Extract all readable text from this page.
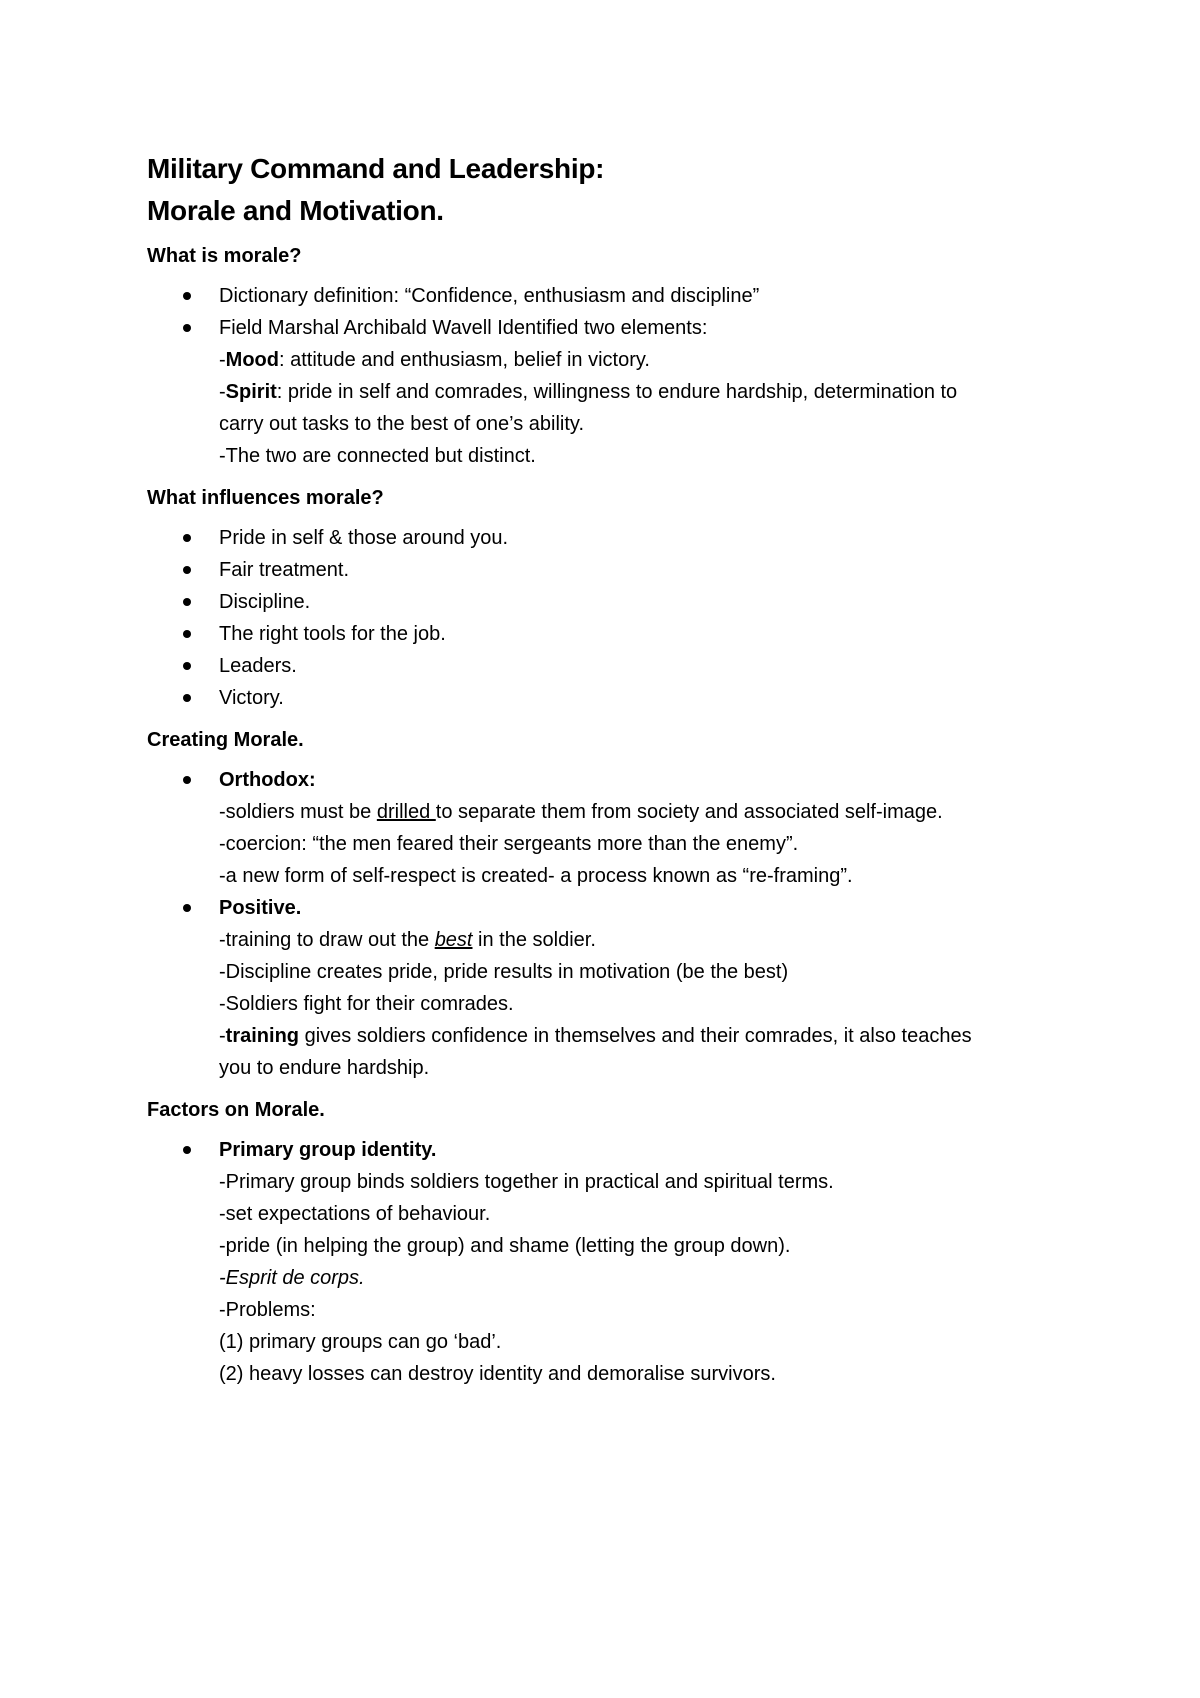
Military Command and Leadership:
Morale and Motivation.
What is morale?
Dictionary definition: “Confidence, enthusiasm and discipline”
Field Marshal Archibald Wavell Identified two elements:
-Mood: attitude and enthusiasm, belief in victory.
-Spirit: pride in self and comrades, willingness to endure hardship, determination to
carry out tasks to the best of one’s ability.
-The two are connected but distinct.
What influences morale?
Pride in self & those around you.
Fair treatment.
Discipline.
The right tools for the job.
Leaders.
Victory.
Creating Morale.
Orthodox:
-soldiers must be drilled to separate them from society and associated self-image.
-coercion: “the men feared their sergeants more than the enemy”.
-a new form of self-respect is created- a process known as “re-framing”.
Positive.
-training to draw out the best in the soldier.
-Discipline creates pride, pride results in motivation (be the best)
-Soldiers fight for their comrades.
-training gives soldiers confidence in themselves and their comrades, it also teaches
you to endure hardship.
Factors on Morale.
Primary group identity.
-Primary group binds soldiers together in practical and spiritual terms.
-set expectations of behaviour.
-pride (in helping the group) and shame (letting the group down).
-Esprit de corps.
-Problems:
(1) primary groups can go ‘bad’.
(2) heavy losses can destroy identity and demoralise survivors.
